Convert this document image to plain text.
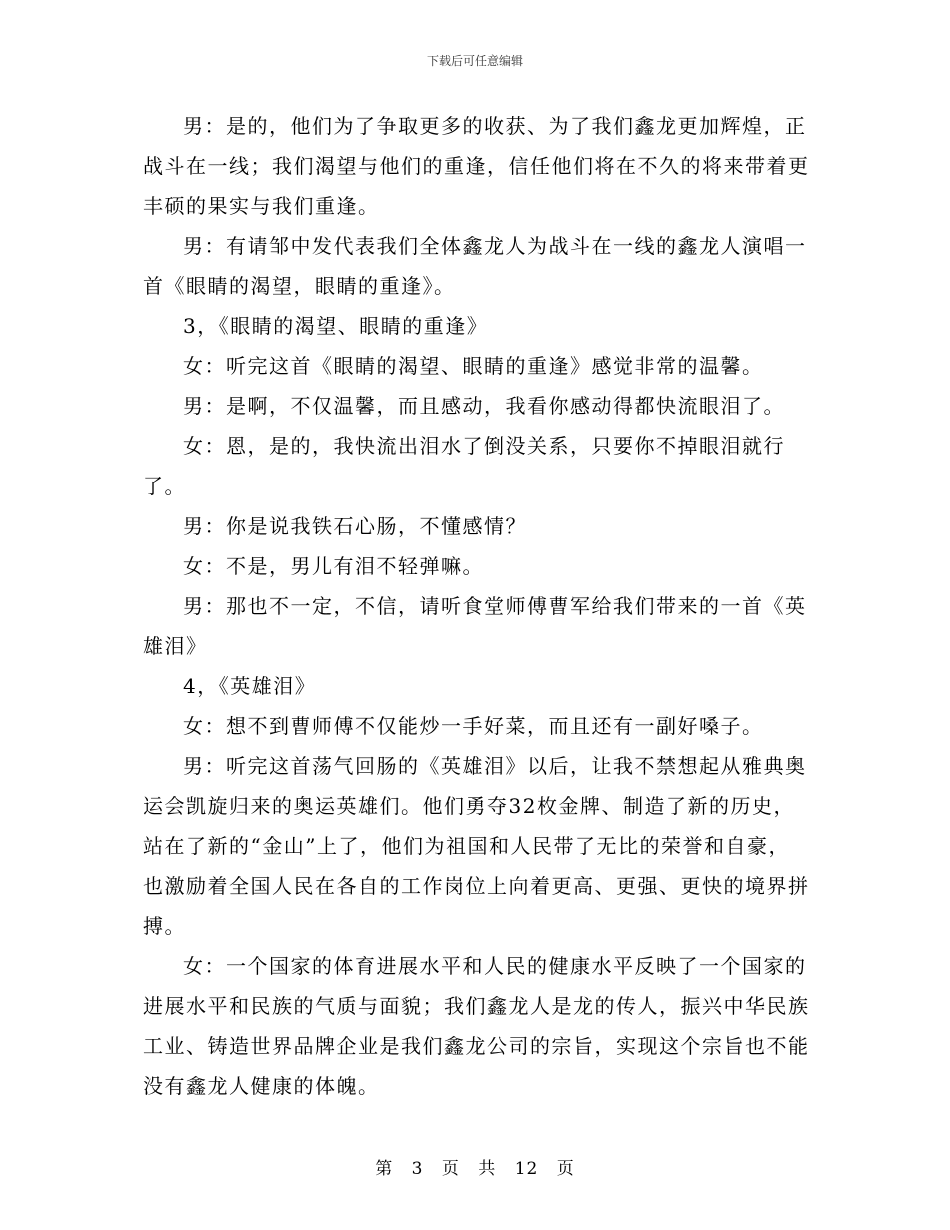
下载后可任意编辑

男：是的，他们为了争取更多的收获、为了我们鑫龙更加辉煌，正战斗在一线；我们渴望与他们的重逢，信任他们将在不久的将来带着更丰硕的果实与我们重逢。

男：有请邹中发代表我们全体鑫龙人为战斗在一线的鑫龙人演唱一首《眼睛的渴望，眼睛的重逢》。

3，《眼睛的渴望、眼睛的重逢》

女：听完这首《眼睛的渴望、眼睛的重逢》感觉非常的温馨。

男：是啊，不仅温馨，而且感动，我看你感动得都快流眼泪了。

女：恩，是的，我快流出泪水了倒没关系，只要你不掉眼泪就行了。

男：你是说我铁石心肠，不懂感情？

女：不是，男儿有泪不轻弹嘛。

男：那也不一定，不信，请听食堂师傅曹军给我们带来的一首《英雄泪》

4，《英雄泪》

女：想不到曹师傅不仅能炒一手好菜，而且还有一副好嗓子。

男：听完这首荡气回肠的《英雄泪》以后，让我不禁想起从雅典奥运会凯旋归来的奥运英雄们。他们勇夺32枚金牌、制造了新的历史，站在了新的“金山”上了，他们为祖国和人民带了无比的荣誉和自豪，也激励着全国人民在各自的工作岗位上向着更高、更强、更快的境界拼搏。

女：一个国家的体育进展水平和人民的健康水平反映了一个国家的进展水平和民族的气质与面貌；我们鑫龙人是龙的传人，振兴中华民族工业、铸造世界品牌企业是我们鑫龙公司的宗旨，实现这个宗旨也不能没有鑫龙人健康的体魄。

第 3 页 共 12 页
